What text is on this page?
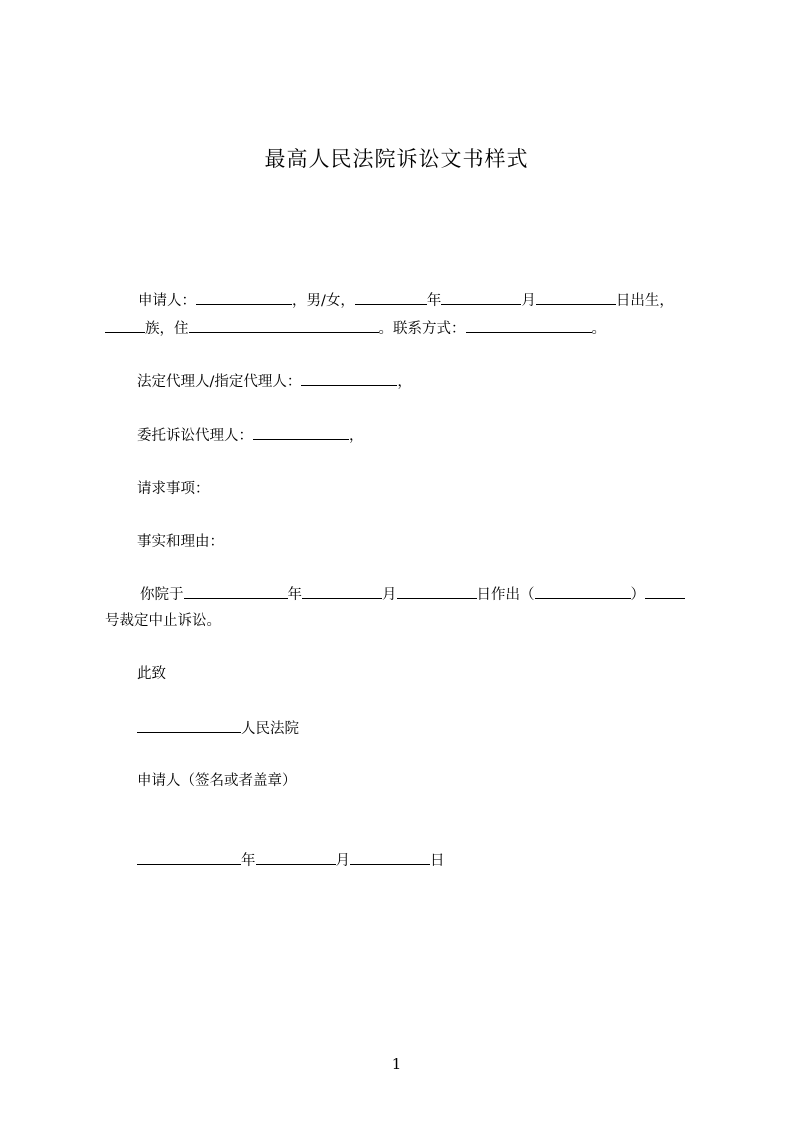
最高人民法院诉讼文书样式
申请人：	，男/女，	年	月	日出生，
族，住	。联系方式：	。
法定代理人/指定代理人：	，
委托诉讼代理人：	，
请求事项：
事实和理由：
你院于	年	月	日作出（	）
号裁定中止诉讼。
此致
人民法院
申请人（签名或者盖章）
年	月	日
1
